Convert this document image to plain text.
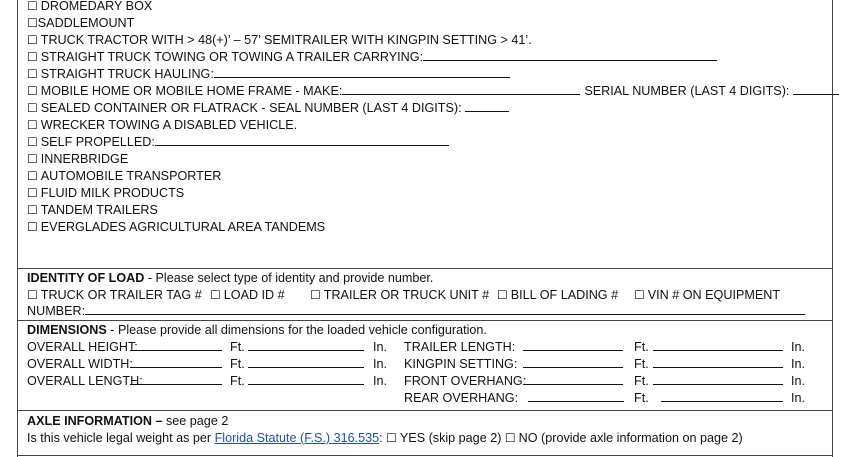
☐ DROMEDARY BOX
☐SADDLEMOUNT
☐ TRUCK TRACTOR WITH > 48(+)’ – 57’ SEMITRAILER WITH KINGPIN SETTING > 41’.
☐ STRAIGHT TRUCK TOWING OR TOWING A TRAILER CARRYING:
☐ STRAIGHT TRUCK HAULING:
☐ MOBILE HOME OR MOBILE HOME FRAME - MAKE:	SERIAL NUMBER (LAST 4 DIGITS):
☐ SEALED CONTAINER OR FLATRACK - SEAL NUMBER (LAST 4 DIGITS):
☐ WRECKER TOWING A DISABLED VEHICLE.
☐ SELF PROPELLED:
☐ INNERBRIDGE
☐ AUTOMOBILE TRANSPORTER
☐ FLUID MILK PRODUCTS
☐ TANDEM TRAILERS
☐ EVERGLADES AGRICULTURAL AREA TANDEMS
IDENTITY OF LOAD - Please select type of identity and provide number.
☐ TRUCK OR TRAILER TAG # ☐ LOAD ID # ☐ TRAILER OR TRUCK UNIT # ☐ BILL OF LADING # ☐ VIN # ON EQUIPMENT
NUMBER:
DIMENSIONS - Please provide all dimensions for the loaded vehicle configuration.
OVERALL HEIGHT:
OVERALL WIDTH:
OVERALL LENGTH:
Ft.
Ft.
Ft.
In.
In.
In.
TRAILER LENGTH:
KINGPIN SETTING:
FRONT OVERHANG:
REAR OVERHANG:
Ft.
Ft.
Ft.
Ft.
In.
In.
In.
In.
AXLE INFORMATION – see page 2
Is this vehicle legal weight as per Florida Statute (F.S.) 316.535: ☐ YES (skip page 2) ☐ NO (provide axle information on page 2)
